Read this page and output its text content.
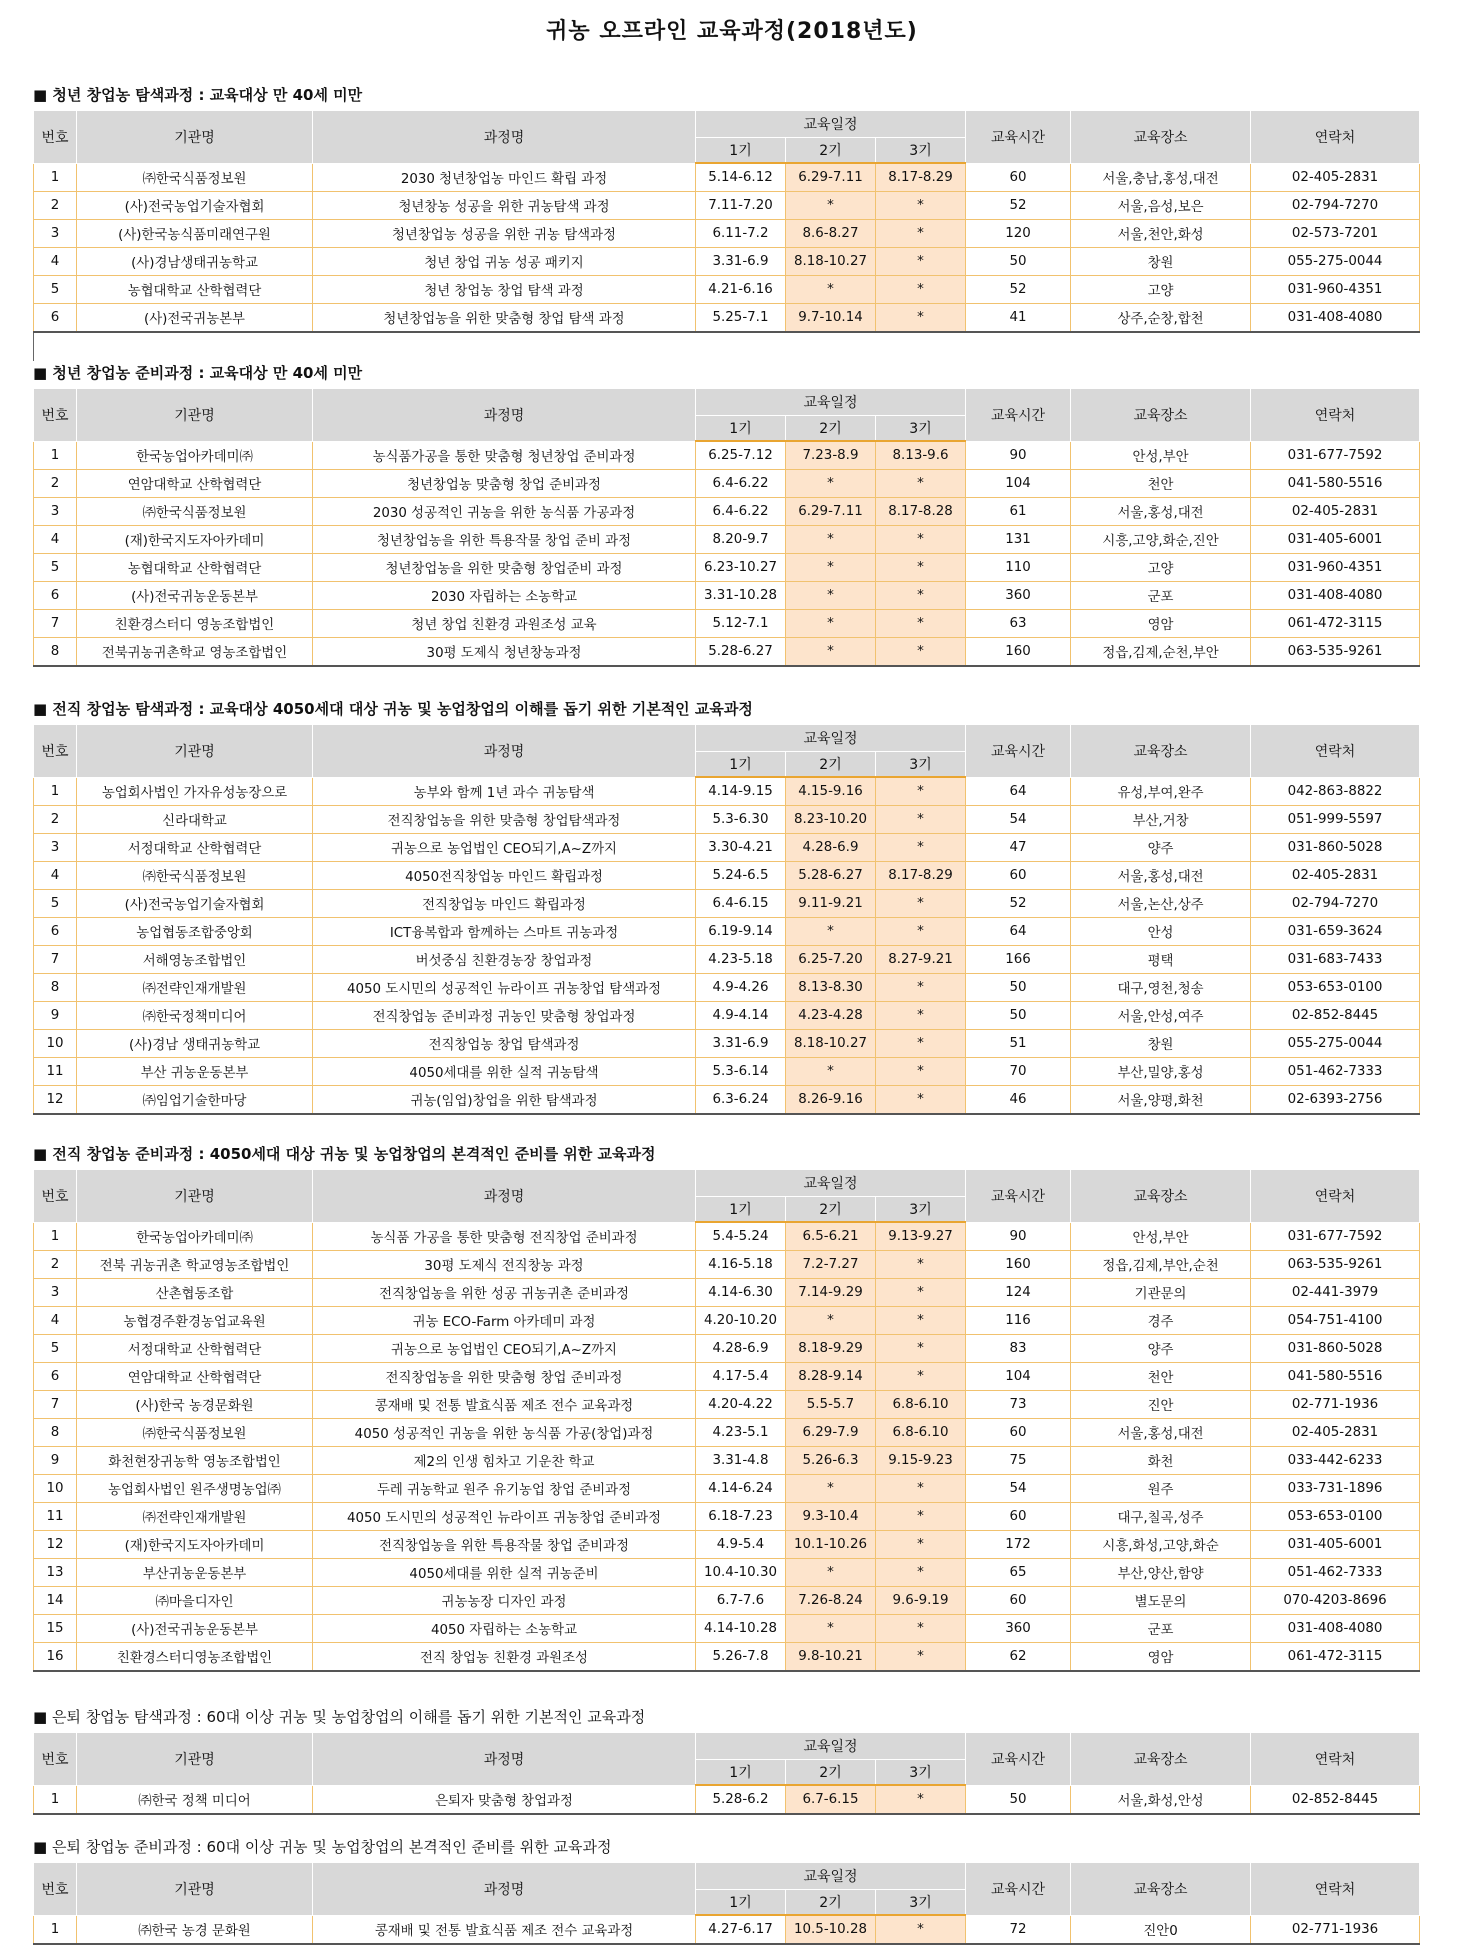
귀농 오프라인 교육과정(2018년도)
■ 청년 창업농 탐색과정 : 교육대상 만 40세 미만
번호	기관명	과정명	교육일정			교육시간	교육장소	연락처
			1기	2기	3기			
1	㈜한국식품정보원	2030 청년창업농 마인드 확립 과정	5.14-6.12	6.29-7.11	8.17-8.29	60	서울,충남,홍성,대전	02-405-2831
2	(사)전국농업기술자협회	청년창농 성공을 위한 귀농탐색 과정	7.11-7.20	*	*	52	서울,음성,보은	02-794-7270
3	(사)한국농식품미래연구원	청년창업농 성공을 위한 귀농 탐색과정	6.11-7.2	8.6-8.27	*	120	서울,천안,화성	02-573-7201
4	(사)경남생태귀농학교	청년 창업 귀농 성공 패키지	3.31-6.9	8.18-10.27	*	50	창원	055-275-0044
5	농협대학교 산학협력단	청년 창업농 창업 탐색 과정	4.21-6.16	*	*	52	고양	031-960-4351
6	(사)전국귀농본부	청년창업농을 위한 맞춤형 창업 탐색 과정	5.25-7.1	9.7-10.14	*	41	상주,순창,합천	031-408-4080
■ 청년 창업농 준비과정 : 교육대상 만 40세 미만
번호	기관명	과정명	교육일정			교육시간	교육장소	연락처
			1기	2기	3기			
1	한국농업아카데미㈜	농식품가공을 통한 맞춤형 청년창업 준비과정	6.25-7.12	7.23-8.9	8.13-9.6	90	안성,부안	031-677-7592
2	연암대학교 산학협력단	청년창업농 맞춤형 창업 준비과정	6.4-6.22	*	*	104	천안	041-580-5516
3	㈜한국식품정보원	2030 성공적인 귀농을 위한 농식품 가공과정	6.4-6.22	6.29-7.11	8.17-8.28	61	서울,홍성,대전	02-405-2831
4	(재)한국지도자아카데미	청년창업농을 위한 특용작물 창업 준비 과정	8.20-9.7	*	*	131	시흥,고양,화순,진안	031-405-6001
5	농협대학교 산학협력단	청년창업농을 위한 맞춤형 창업준비 과정	6.23-10.27	*	*	110	고양	031-960-4351
6	(사)전국귀농운동본부	2030 자립하는 소농학교	3.31-10.28	*	*	360	군포	031-408-4080
7	친환경스터디 영농조합법인	청년 창업 친환경 과원조성 교육	5.12-7.1	*	*	63	영암	061-472-3115
8	전북귀농귀촌학교 영농조합법인	30평 도제식 청년창농과정	5.28-6.27	*	*	160	정읍,김제,순천,부안	063-535-9261
■ 전직 창업농 탐색과정 : 교육대상 4050세대 대상 귀농 및 농업창업의 이해를 돕기 위한 기본적인 교육과정
번호	기관명	과정명	교육일정			교육시간	교육장소	연락처
			1기	2기	3기			
1	농업회사법인 가자유성농장으로	농부와 함께 1년 과수 귀농탐색	4.14-9.15	4.15-9.16	*	64	유성,부여,완주	042-863-8822
2	신라대학교	전직창업농을 위한 맞춤형 창업탐색과정	5.3-6.30	8.23-10.20	*	54	부산,거창	051-999-5597
3	서정대학교 산학협력단	귀농으로 농업법인 CEO되기,A~Z까지	3.30-4.21	4.28-6.9	*	47	양주	031-860-5028
4	㈜한국식품정보원	4050전직창업농 마인드 확립과정	5.24-6.5	5.28-6.27	8.17-8.29	60	서울,홍성,대전	02-405-2831
5	(사)전국농업기술자협회	전직창업농 마인드 확립과정	6.4-6.15	9.11-9.21	*	52	서울,논산,상주	02-794-7270
6	농업협동조합중앙회	ICT융복합과 함께하는 스마트 귀농과정	6.19-9.14	*	*	64	안성	031-659-3624
7	서해영농조합법인	버섯중심 친환경농장 창업과정	4.23-5.18	6.25-7.20	8.27-9.21	166	평택	031-683-7433
8	㈜전략인재개발원	4050 도시민의 성공적인 뉴라이프 귀농창업 탐색과정	4.9-4.26	8.13-8.30	*	50	대구,영천,청송	053-653-0100
9	㈜한국정책미디어	전직창업농 준비과정 귀농인 맞춤형 창업과정	4.9-4.14	4.23-4.28	*	50	서울,안성,여주	02-852-8445
10	(사)경남 생태귀농학교	전직창업농 창업 탐색과정	3.31-6.9	8.18-10.27	*	51	창원	055-275-0044
11	부산 귀농운동본부	4050세대를 위한 실적 귀농탐색	5.3-6.14	*	*	70	부산,밀양,홍성	051-462-7333
12	㈜임업기술한마당	귀농(임업)창업을 위한 탐색과정	6.3-6.24	8.26-9.16	*	46	서울,양평,화천	02-6393-2756
■ 전직 창업농 준비과정 : 4050세대 대상 귀농 및 농업창업의 본격적인 준비를 위한 교육과정
번호	기관명	과정명	교육일정			교육시간	교육장소	연락처
			1기	2기	3기			
1	한국농업아카데미㈜	농식품 가공을 통한 맞춤형 전직창업 준비과정	5.4-5.24	6.5-6.21	9.13-9.27	90	안성,부안	031-677-7592
2	전북 귀농귀촌 학교영농조합법인	30평 도제식 전직창농 과정	4.16-5.18	7.2-7.27	*	160	정읍,김제,부안,순천	063-535-9261
3	산촌협동조합	전직창업농을 위한 성공 귀농귀촌 준비과정	4.14-6.30	7.14-9.29	*	124	기관문의	02-441-3979
4	농협경주환경농업교육원	귀농 ECO-Farm 아카데미 과정	4.20-10.20	*	*	116	경주	054-751-4100
5	서정대학교 산학협력단	귀농으로 농업법인 CEO되기,A~Z까지	4.28-6.9	8.18-9.29	*	83	양주	031-860-5028
6	연암대학교 산학협력단	전직창업농을 위한 맞춤형 창업 준비과정	4.17-5.4	8.28-9.14	*	104	천안	041-580-5516
7	(사)한국 농경문화원	콩재배 및 전통 발효식품 제조 전수 교육과정	4.20-4.22	5.5-5.7	6.8-6.10	73	진안	02-771-1936
8	㈜한국식품정보원	4050 성공적인 귀농을 위한 농식품 가공(창업)과정	4.23-5.1	6.29-7.9	6.8-6.10	60	서울,홍성,대전	02-405-2831
9	화천현장귀농학 영농조합법인	제2의 인생 힘차고 기운찬 학교	3.31-4.8	5.26-6.3	9.15-9.23	75	화천	033-442-6233
10	농업회사법인 원주생명농업㈜	두레 귀농학교 원주 유기농업 창업 준비과정	4.14-6.24	*	*	54	원주	033-731-1896
11	㈜전략인재개발원	4050 도시민의 성공적인 뉴라이프 귀농창업 준비과정	6.18-7.23	9.3-10.4	*	60	대구,칠곡,성주	053-653-0100
12	(재)한국지도자아카데미	전직창업농을 위한 특용작물 창업 준비과정	4.9-5.4	10.1-10.26	*	172	시흥,화성,고양,화순	031-405-6001
13	부산귀농운동본부	4050세대를 위한 실적 귀농준비	10.4-10.30	*	*	65	부산,양산,함양	051-462-7333
14	㈜마을디자인	귀농농장 디자인 과정	6.7-7.6	7.26-8.24	9.6-9.19	60	별도문의	070-4203-8696
15	(사)전국귀농운동본부	4050 자립하는 소농학교	4.14-10.28	*	*	360	군포	031-408-4080
16	친환경스터디영농조합법인	전직 창업농 친환경 과원조성	5.26-7.8	9.8-10.21	*	62	영암	061-472-3115
■ 은퇴 창업농 탐색과정 : 60대 이상 귀농 및 농업창업의 이해를 돕기 위한 기본적인 교육과정
번호	기관명	과정명	교육일정			교육시간	교육장소	연락처
			1기	2기	3기			
1	㈜한국 정책 미디어	은퇴자 맞춤형 창업과정	5.28-6.2	6.7-6.15	*	50	서울,화성,안성	02-852-8445
■ 은퇴 창업농 준비과정 : 60대 이상 귀농 및 농업창업의 본격적인 준비를 위한 교육과정
번호	기관명	과정명	교육일정			교육시간	교육장소	연락처
			1기	2기	3기			
1	㈜한국 농경 문화원	콩재배 및 전통 발효식품 제조 전수 교육과정	4.27-6.17	10.5-10.28	*	72	진안0	02-771-1936
